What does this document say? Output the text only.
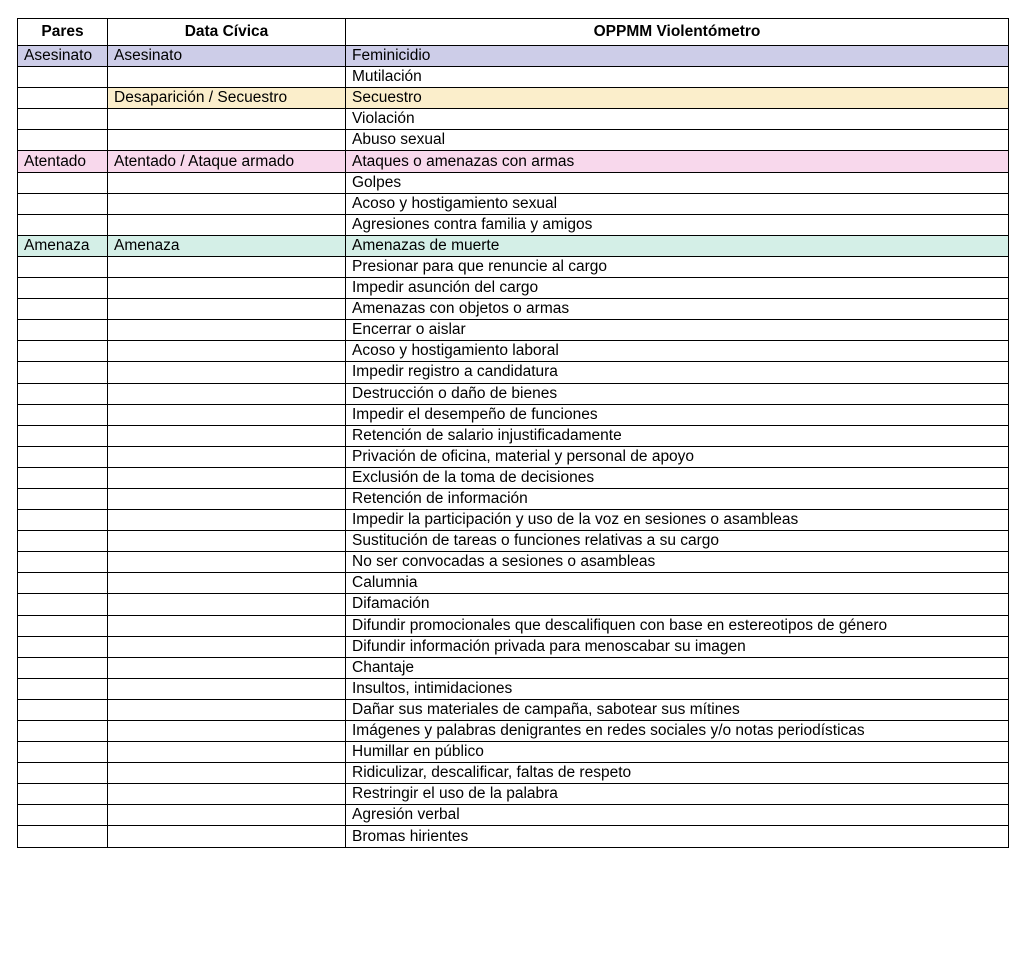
Pares	Data Cívica	OPPMM Violentómetro
Asesinato	Asesinato	Feminicidio
		Mutilación
	Desaparición / Secuestro	Secuestro
		Violación
		Abuso sexual
Atentado	Atentado / Ataque armado	Ataques o amenazas con armas
		Golpes
		Acoso y hostigamiento sexual
		Agresiones contra familia y amigos
Amenaza	Amenaza	Amenazas de muerte
		Presionar para que renuncie al cargo
		Impedir asunción del cargo
		Amenazas con objetos o armas
		Encerrar o aislar
		Acoso y hostigamiento laboral
		Impedir registro a candidatura
		Destrucción o daño de bienes
		Impedir el desempeño de funciones
		Retención de salario injustificadamente
		Privación de oficina, material y personal de apoyo
		Exclusión de la toma de decisiones
		Retención de información
		Impedir la participación y uso de la voz en sesiones o asambleas
		Sustitución de tareas o funciones relativas a su cargo
		No ser convocadas a sesiones o asambleas
		Calumnia
		Difamación
		Difundir promocionales que descalifiquen con base en estereotipos de género
		Difundir información privada para menoscabar su imagen
		Chantaje
		Insultos, intimidaciones
		Dañar sus materiales de campaña, sabotear sus mítines
		Imágenes y palabras denigrantes en redes sociales y/o notas periodísticas
		Humillar en público
		Ridiculizar, descalificar, faltas de respeto
		Restringir el uso de la palabra
		Agresión verbal
		Bromas hirientes
